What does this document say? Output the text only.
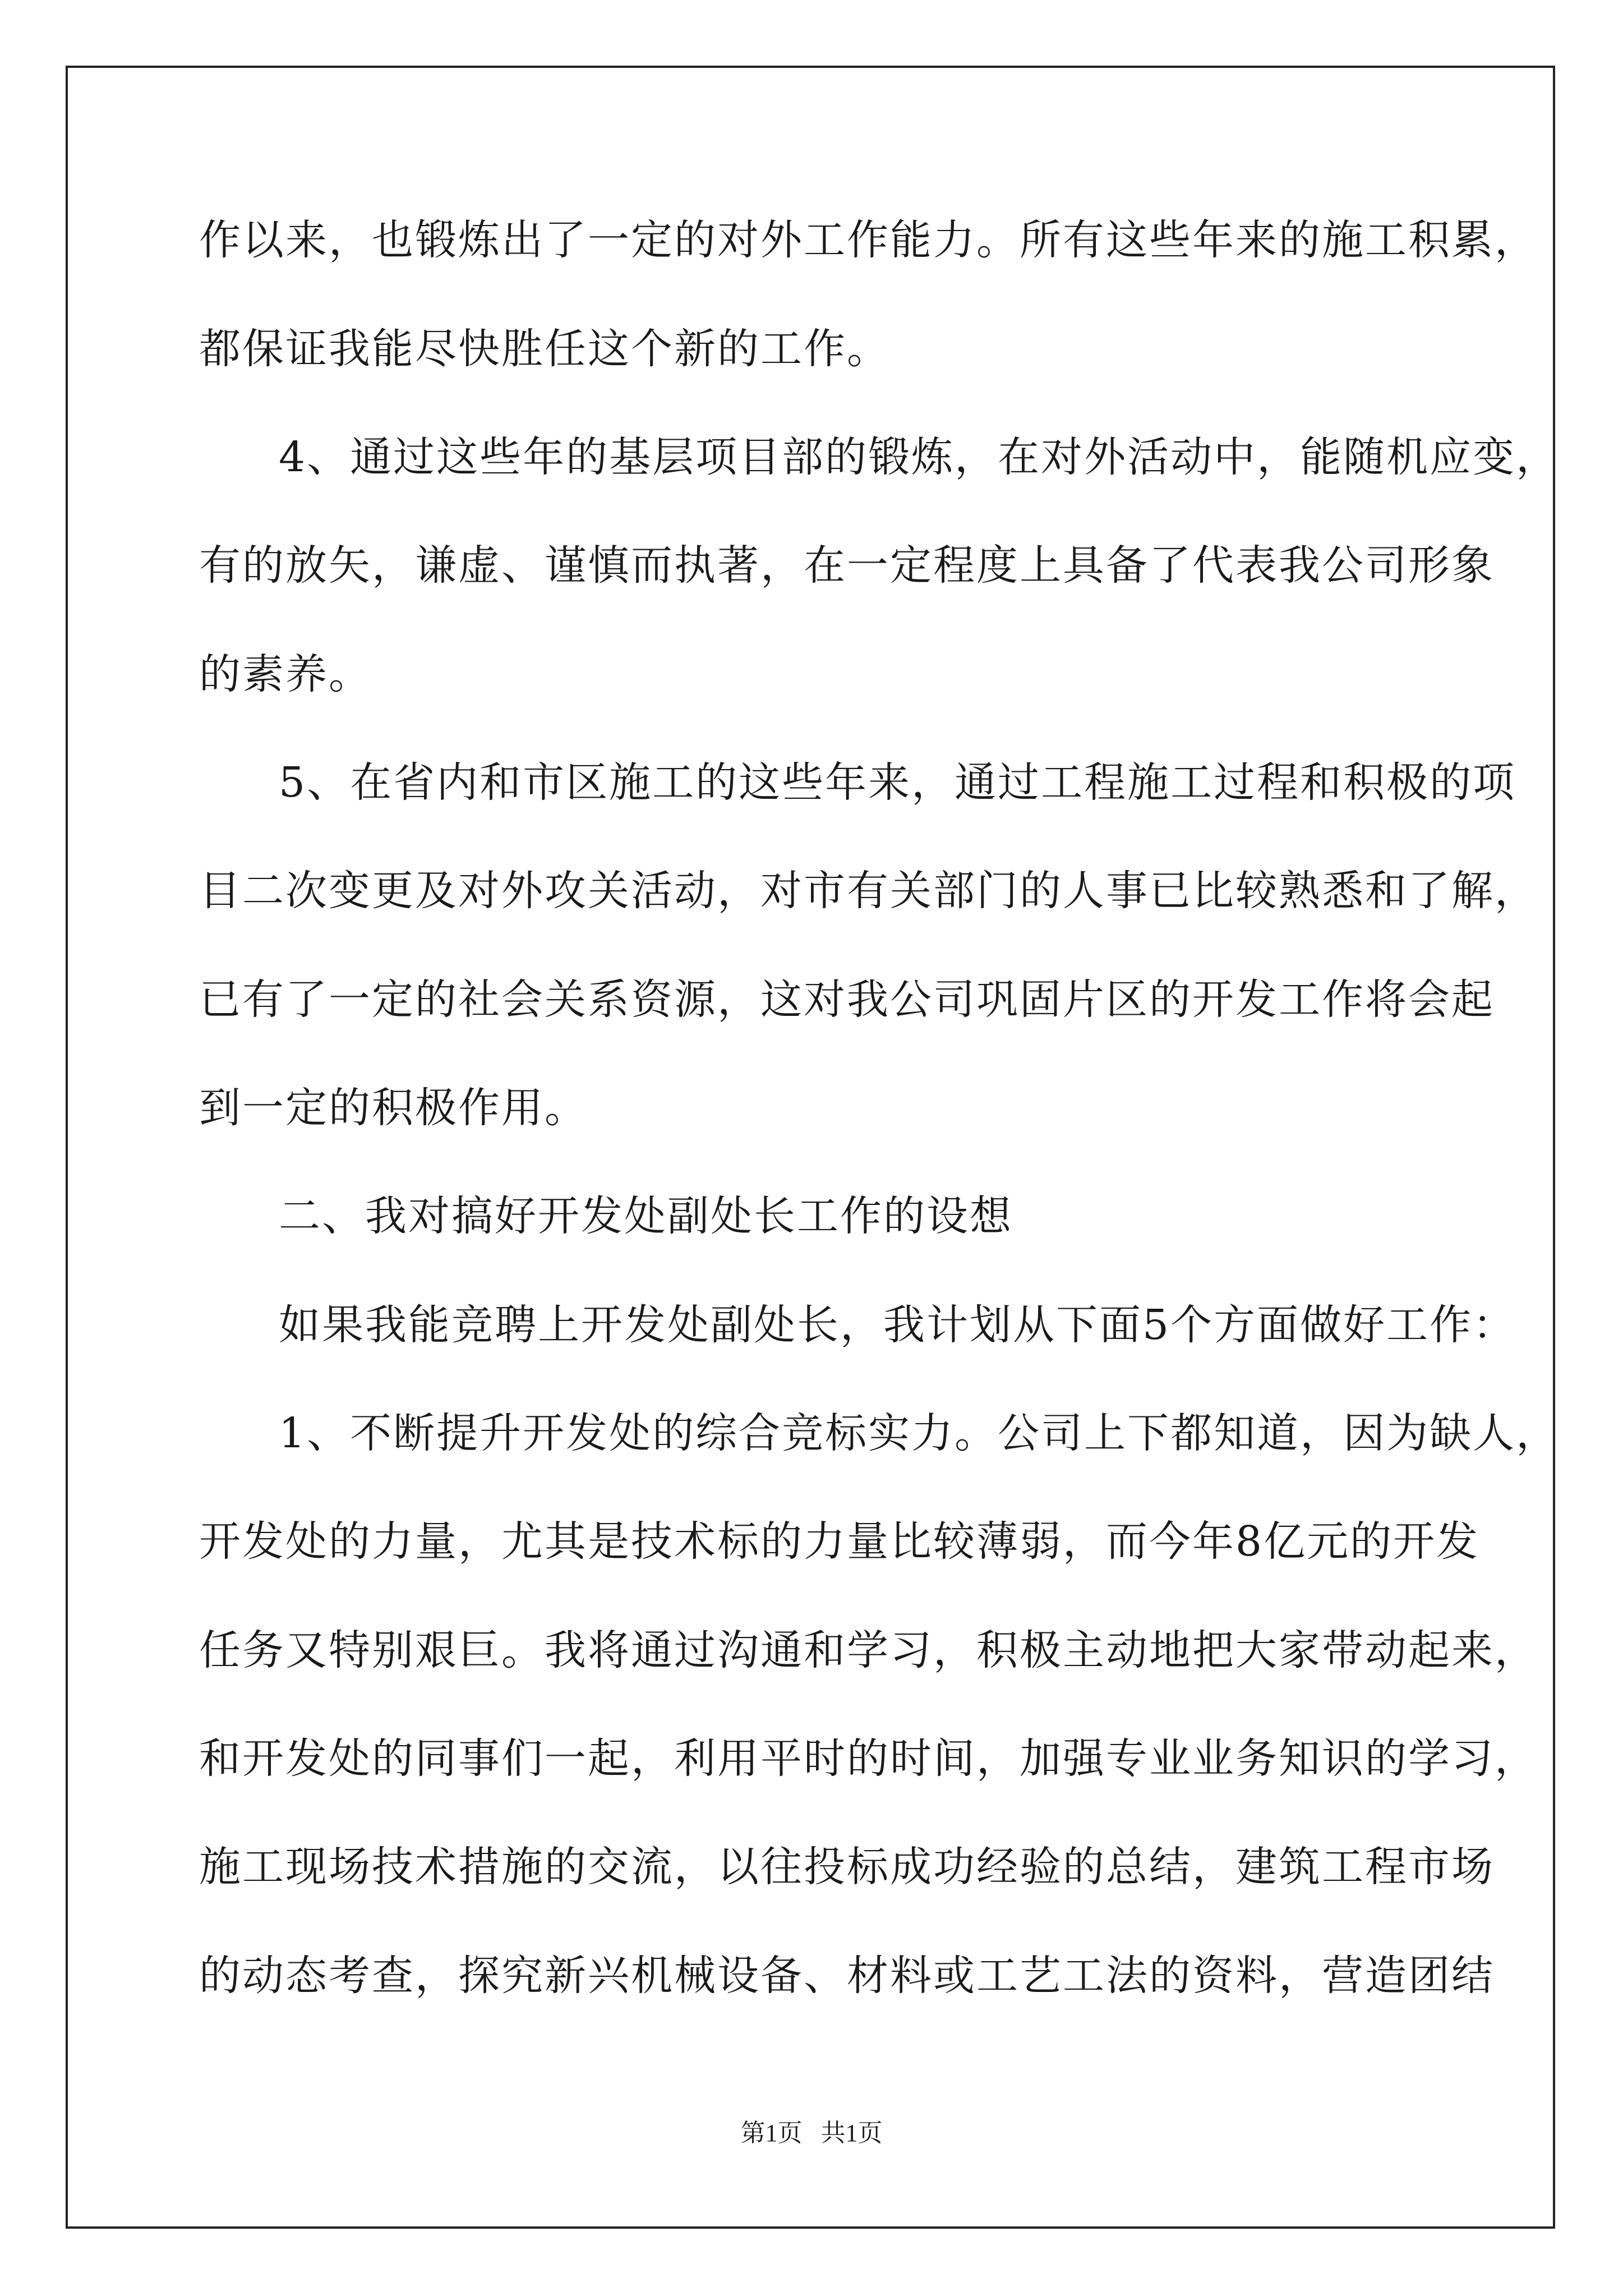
作以来，也锻炼出了一定的对外工作能力。所有这些年来的施工积累，
都保证我能尽快胜任这个新的工作。
4、通过这些年的基层项目部的锻炼，在对外活动中，能随机应变，
有的放矢，谦虚、谨慎而执著，在一定程度上具备了代表我公司形象
的素养。
5、在省内和市区施工的这些年来，通过工程施工过程和积极的项
目二次变更及对外攻关活动，对市有关部门的人事已比较熟悉和了解，
已有了一定的社会关系资源，这对我公司巩固片区的开发工作将会起
到一定的积极作用。
二、我对搞好开发处副处长工作的设想
如果我能竞聘上开发处副处长，我计划从下面5个方面做好工作：
1、不断提升开发处的综合竞标实力。公司上下都知道，因为缺人，
开发处的力量，尤其是技术标的力量比较薄弱，而今年8亿元的开发
任务又特别艰巨。我将通过沟通和学习，积极主动地把大家带动起来，
和开发处的同事们一起，利用平时的时间，加强专业业务知识的学习，
施工现场技术措施的交流，以往投标成功经验的总结，建筑工程市场
的动态考查，探究新兴机械设备、材料或工艺工法的资料，营造团结
第1页 共1页
